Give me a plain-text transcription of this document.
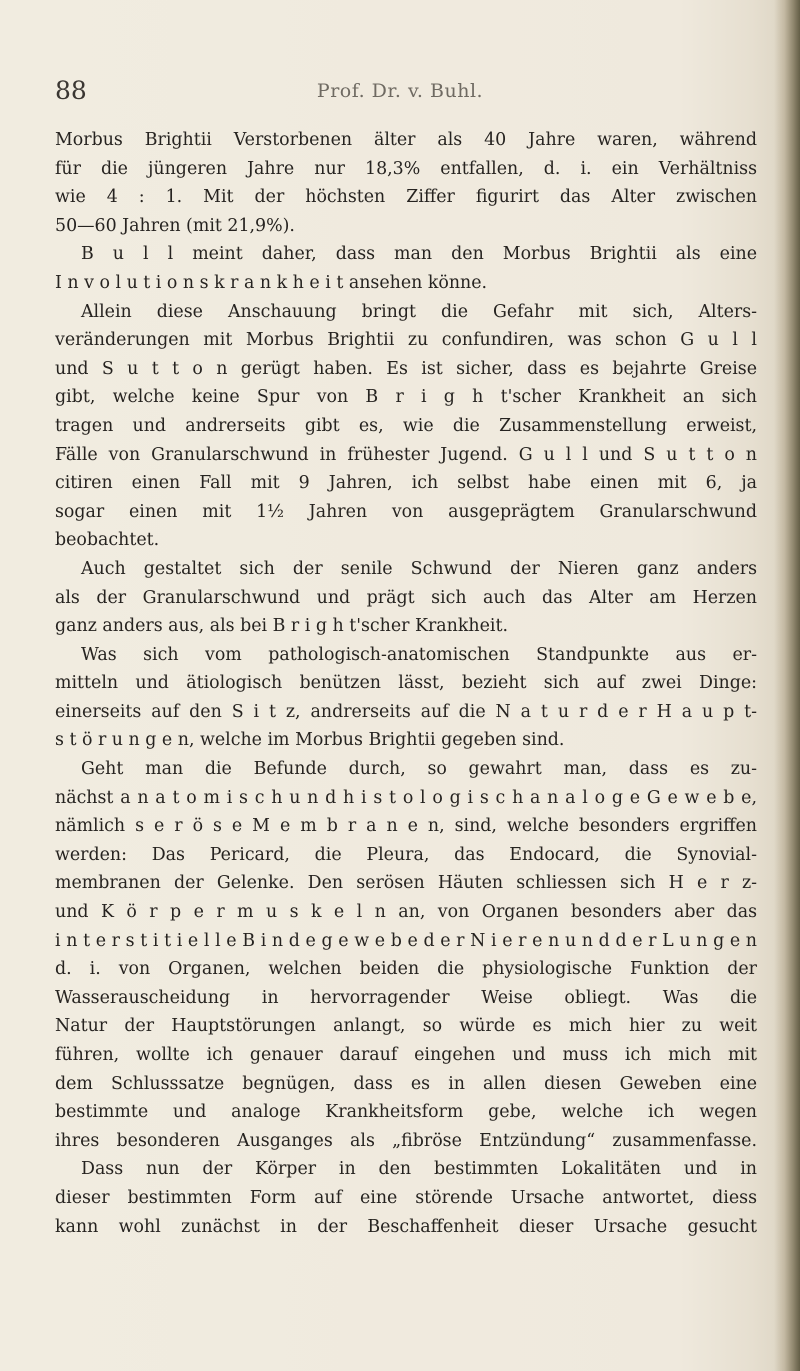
88	Prof. Dr. v. Buhl.
Morbus Brightii Verstorbenen älter als 40 Jahre waren, während
für die jüngeren Jahre nur 18,3% entfallen, d. i. ein Verhältniss
wie 4 : 1. Mit der höchsten Ziffer figurirt das Alter zwischen
50—60 Jahren (mit 21,9%).
B u l l meint daher, dass man den Morbus Brightii als eine
I n v o l u t i o n s k r a n k h e i t ansehen könne.
Allein diese Anschauung bringt die Gefahr mit sich, Alters-
veränderungen mit Morbus Brightii zu confundiren, was schon G u l l
und S u t t o n gerügt haben. Es ist sicher, dass es bejahrte Greise
gibt, welche keine Spur von B r i g h t'scher Krankheit an sich
tragen und andrerseits gibt es, wie die Zusammenstellung erweist,
Fälle von Granularschwund in frühester Jugend. G u l l und S u t t o n
citiren einen Fall mit 9 Jahren, ich selbst habe einen mit 6, ja
sogar einen mit 1½ Jahren von ausgeprägtem Granularschwund
beobachtet.
Auch gestaltet sich der senile Schwund der Nieren ganz anders
als der Granularschwund und prägt sich auch das Alter am Herzen
ganz anders aus, als bei B r i g h t'scher Krankheit.
Was sich vom pathologisch-anatomischen Standpunkte aus er-
mitteln und ätiologisch benützen lässt, bezieht sich auf zwei Dinge:
einerseits auf den S i t z, andrerseits auf die N a t u r d e r H a u p t-
s t ö r u n g e n, welche im Morbus Brightii gegeben sind.
Geht man die Befunde durch, so gewahrt man, dass es zu-
nächst a n a t o m i s c h u n d h i s t o l o g i s c h a n a l o g e G e w e b e,
nämlich s e r ö s e M e m b r a n e n, sind, welche besonders ergriffen
werden: Das Pericard, die Pleura, das Endocard, die Synovial-
membranen der Gelenke. Den serösen Häuten schliessen sich H e r z-
und K ö r p e r m u s k e l n an, von Organen besonders aber das
i n t e r s t i t i e l l e B i n d e g e w e b e d e r N i e r e n u n d d e r L u n g e n
d. i. von Organen, welchen beiden die physiologische Funktion der
Wasserauscheidung in hervorragender Weise obliegt. Was die
Natur der Hauptstörungen anlangt, so würde es mich hier zu weit
führen, wollte ich genauer darauf eingehen und muss ich mich mit
dem Schlusssatze begnügen, dass es in allen diesen Geweben eine
bestimmte und analoge Krankheitsform gebe, welche ich wegen
ihres besonderen Ausganges als „fibröse Entzündung“ zusammenfasse.
Dass nun der Körper in den bestimmten Lokalitäten und in
dieser bestimmten Form auf eine störende Ursache antwortet, diess
kann wohl zunächst in der Beschaffenheit dieser Ursache gesucht
